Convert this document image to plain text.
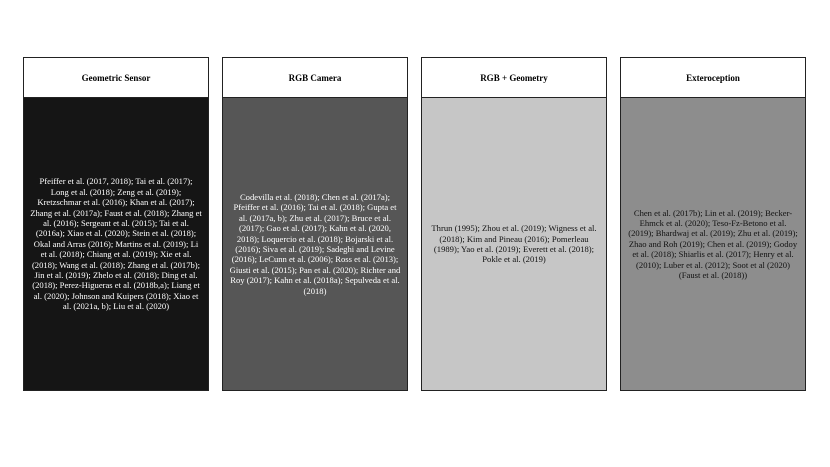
Geometric Sensor

Pfeiffer et al. (2017, 2018); Tai et al. (2017); Long et al. (2018); Zeng et al. (2019); Kretzschmar et al. (2016); Khan et al. (2017); Zhang et al. (2017a); Faust et al. (2018); Zhang et al. (2016); Sergeant et al. (2015); Tai et al. (2016a); Xiao et al. (2020); Stein et al. (2018); Okal and Arras (2016); Martins et al. (2019); Li et al. (2018); Chiang et al. (2019); Xie et al. (2018); Wang et al. (2018); Zhang et al. (2017b); Jin et al. (2019); Zhelo et al. (2018); Ding et al. (2018); Perez-Higueras et al. (2018b,a); Liang et al. (2020); Johnson and Kuipers (2018); Xiao et al. (2021a, b); Liu et al. (2020)

RGB Camera

Codevilla et al. (2018); Chen et al. (2017a); Pfeiffer et al. (2016); Tai et al. (2018); Gupta et al. (2017a, b); Zhu et al. (2017); Bruce et al. (2017); Gao et al. (2017); Kahn et al. (2020, 2018); Loquercio et al. (2018); Bojarski et al. (2016); Siva et al. (2019); Sadeghi and Levine (2016); LeCunn et al. (2006); Ross et al. (2013); Giusti et al. (2015); Pan et al. (2020); Richter and Roy (2017); Kahn et al. (2018a); Sepulveda et al. (2018)

RGB + Geometry

Thrun (1995); Zhou et al. (2019); Wigness et al. (2018); Kim and Pineau (2016); Pomerleau (1989); Yao et al. (2019); Everett et al. (2018); Pokle et al. (2019)

Exteroception

Chen et al. (2017b); Lin et al. (2019); Becker-Ehmck et al. (2020); Teso-Fz-Betono et al. (2019); Bhardwaj et al. (2019); Zhu et al. (2019); Zhao and Roh (2019); Chen et al. (2019); Godoy et al. (2018); Shiarlis et al. (2017); Henry et al. (2010); Luber et al. (2012); Soot et al (2020) (Faust et al. (2018))
